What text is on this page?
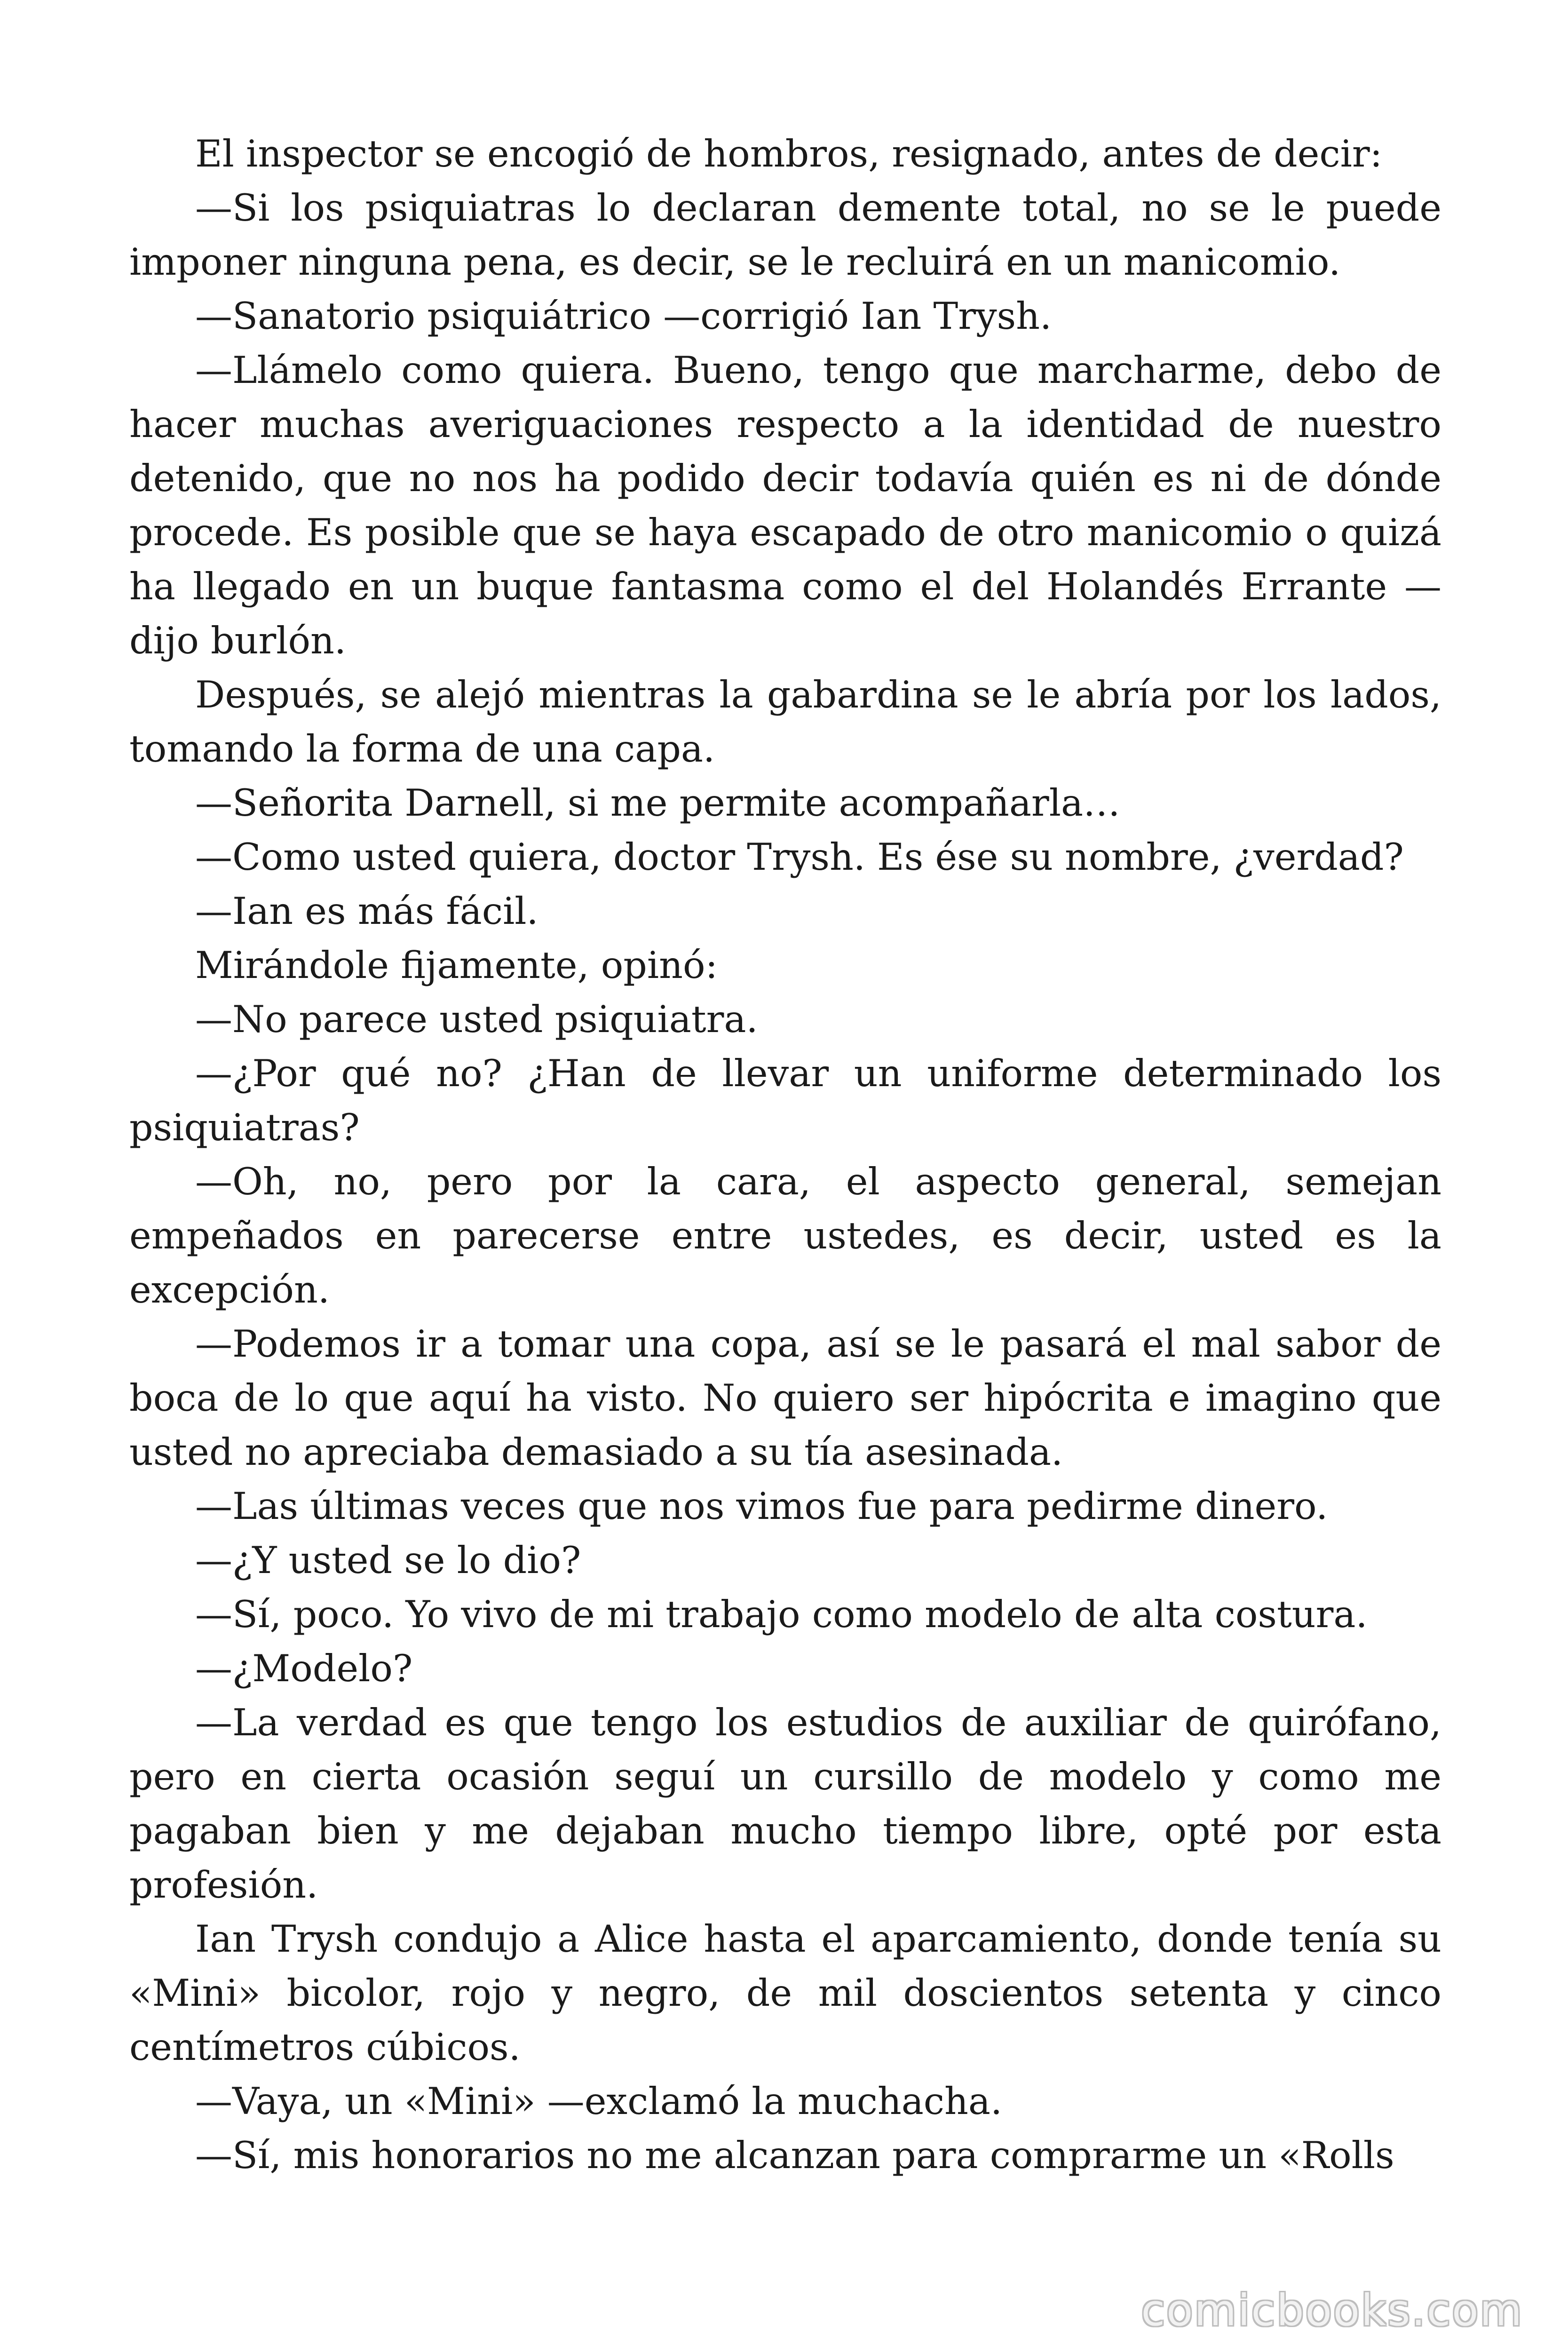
El inspector se encogió de hombros, resignado, antes de decir:

—Si los psiquiatras lo declaran demente total, no se le puede imponer ninguna pena, es decir, se le recluirá en un manicomio.

—Sanatorio psiquiátrico —corrigió Ian Trysh.

—Llámelo como quiera. Bueno, tengo que marcharme, debo de hacer muchas averiguaciones respecto a la identidad de nuestro detenido, que no nos ha podido decir todavía quién es ni de dónde procede. Es posible que se haya escapado de otro manicomio o quizá ha llegado en un buque fantasma como el del Holandés Errante —dijo burlón.

Después, se alejó mientras la gabardina se le abría por los lados, tomando la forma de una capa.

—Señorita Darnell, si me permite acompañarla…

—Como usted quiera, doctor Trysh. Es ése su nombre, ¿verdad?

—Ian es más fácil.

Mirándole fijamente, opinó:

—No parece usted psiquiatra.

—¿Por qué no? ¿Han de llevar un uniforme determinado los psiquiatras?

—Oh, no, pero por la cara, el aspecto general, semejan empeñados en parecerse entre ustedes, es decir, usted es la excepción.

—Podemos ir a tomar una copa, así se le pasará el mal sabor de boca de lo que aquí ha visto. No quiero ser hipócrita e imagino que usted no apreciaba demasiado a su tía asesinada.

—Las últimas veces que nos vimos fue para pedirme dinero.

—¿Y usted se lo dio?

—Sí, poco. Yo vivo de mi trabajo como modelo de alta costura.

—¿Modelo?

—La verdad es que tengo los estudios de auxiliar de quirófano, pero en cierta ocasión seguí un cursillo de modelo y como me pagaban bien y me dejaban mucho tiempo libre, opté por esta profesión.

Ian Trysh condujo a Alice hasta el aparcamiento, donde tenía su «Mini» bicolor, rojo y negro, de mil doscientos setenta y cinco centímetros cúbicos.

—Vaya, un «Mini» —exclamó la muchacha.

—Sí, mis honorarios no me alcanzan para comprarme un «Rolls

comicbooks.com
